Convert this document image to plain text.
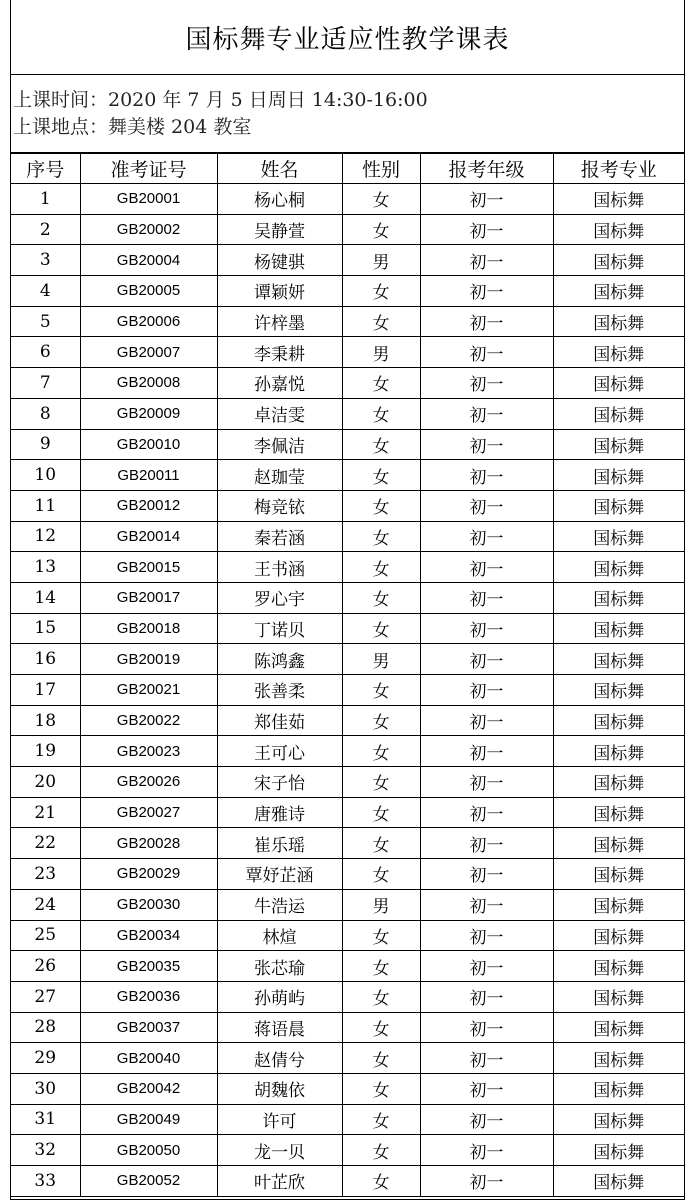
国标舞专业适应性教学课表
上课时间：2020 年 7 月 5 日周日 14:30-16:00
上课地点：舞美楼 204 教室
序号	准考证号	姓名	性别	报考年级	报考专业
1	GB20001	杨心桐	女	初一	国标舞
2	GB20002	吴静萱	女	初一	国标舞
3	GB20004	杨键骐	男	初一	国标舞
4	GB20005	谭颖妍	女	初一	国标舞
5	GB20006	许梓墨	女	初一	国标舞
6	GB20007	李秉耕	男	初一	国标舞
7	GB20008	孙嘉悦	女	初一	国标舞
8	GB20009	卓洁雯	女	初一	国标舞
9	GB20010	李佩洁	女	初一	国标舞
10	GB20011	赵珈莹	女	初一	国标舞
11	GB20012	梅竞铱	女	初一	国标舞
12	GB20014	秦若涵	女	初一	国标舞
13	GB20015	王书涵	女	初一	国标舞
14	GB20017	罗心宇	女	初一	国标舞
15	GB20018	丁诺贝	女	初一	国标舞
16	GB20019	陈鸿鑫	男	初一	国标舞
17	GB20021	张善柔	女	初一	国标舞
18	GB20022	郑佳茹	女	初一	国标舞
19	GB20023	王可心	女	初一	国标舞
20	GB20026	宋子怡	女	初一	国标舞
21	GB20027	唐雅诗	女	初一	国标舞
22	GB20028	崔乐瑶	女	初一	国标舞
23	GB20029	覃妤芷涵	女	初一	国标舞
24	GB20030	牛浩运	男	初一	国标舞
25	GB20034	林煊	女	初一	国标舞
26	GB20035	张芯瑜	女	初一	国标舞
27	GB20036	孙萌屿	女	初一	国标舞
28	GB20037	蒋语晨	女	初一	国标舞
29	GB20040	赵倩兮	女	初一	国标舞
30	GB20042	胡魏依	女	初一	国标舞
31	GB20049	许可	女	初一	国标舞
32	GB20050	龙一贝	女	初一	国标舞
33	GB20052	叶芷欣	女	初一	国标舞
